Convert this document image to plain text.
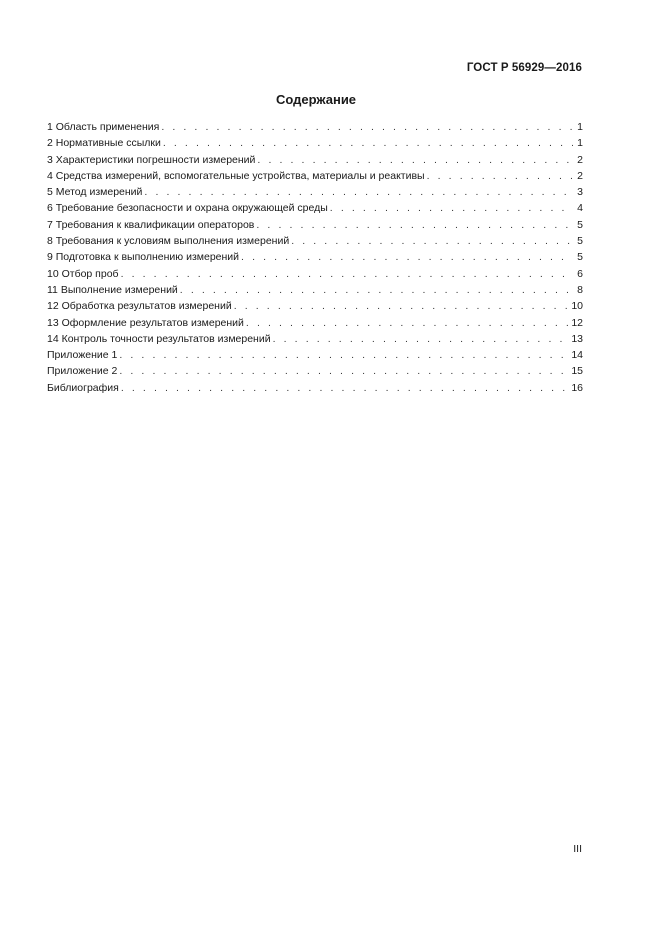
ГОСТ Р 56929—2016
Содержание
1 Область применения . . .	1
2 Нормативные ссылки . . .	1
3 Характеристики погрешности измерений . . .	2
4 Средства измерений, вспомогательные устройства, материалы и реактивы . . .	2
5 Метод измерений . . .	3
6 Требование безопасности и охрана окружающей среды . . .	4
7 Требования к квалификации операторов . . .	5
8 Требования к условиям выполнения измерений . . .	5
9 Подготовка к выполнению измерений . . .	5
10 Отбор проб . . .	6
11 Выполнение измерений . . .	8
12 Обработка результатов измерений . . .	10
13 Оформление результатов измерений . . .	12
14 Контроль точности результатов измерений . . .	13
Приложение 1 . . .	14
Приложение 2 . . .	15
Библиография . . .	16
III
